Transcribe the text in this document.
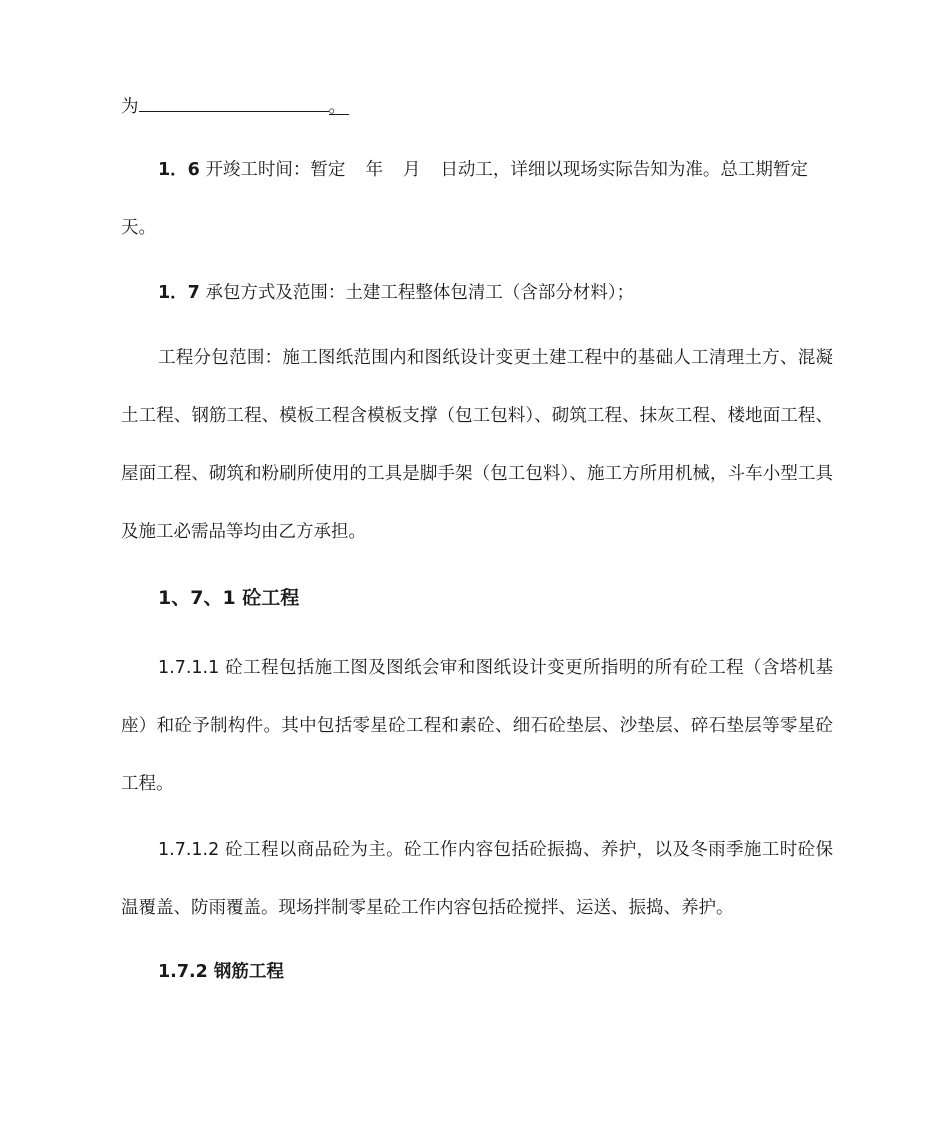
为	。
1．6 开竣工时间：暂定 年 月 日动工，详细以现场实际告知为准。总工期暂定
天。
1．7 承包方式及范围：土建工程整体包清工（含部分材料）；

工程分包范围：施工图纸范围内和图纸设计变更土建工程中的基础人工清理土方、混凝土工程、钢筋工程、模板工程含模板支撑（包工包料）、砌筑工程、抹灰工程、楼地面工程、屋面工程、砌筑和粉刷所使用的工具是脚手架（包工包料）、施工方所用机械，斗车小型工具及施工必需品等均由乙方承担。

1、7、1 砼工程

1.7.1.1 砼工程包括施工图及图纸会审和图纸设计变更所指明的所有砼工程（含塔机基座）和砼予制构件。其中包括零星砼工程和素砼、细石砼垫层、沙垫层、碎石垫层等零星砼工程。

1.7.1.2 砼工程以商品砼为主。砼工作内容包括砼振捣、养护，以及冬雨季施工时砼保温覆盖、防雨覆盖。现场拌制零星砼工作内容包括砼搅拌、运送、振捣、养护。

1.7.2 钢筋工程
